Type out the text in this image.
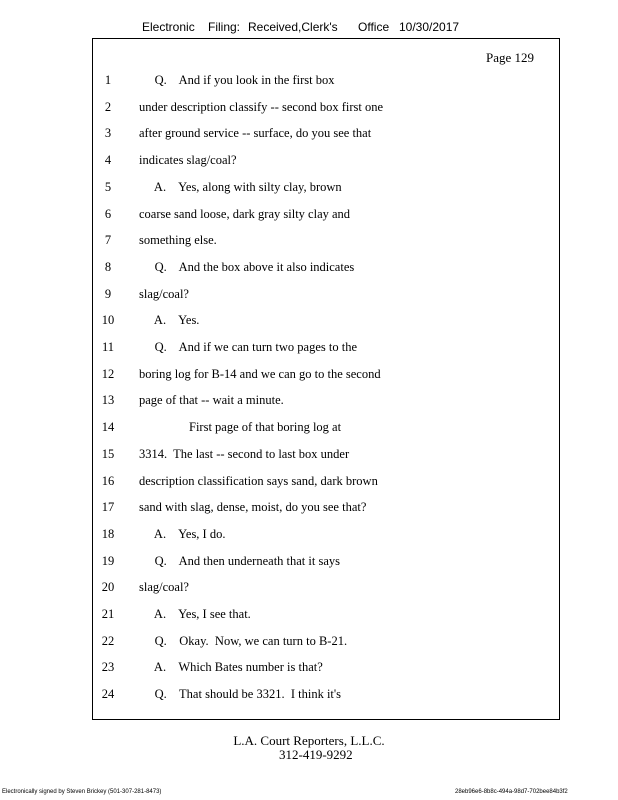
Electronic Filing: Received,Clerk's Office 10/30/2017
Page 129
1	Q.    And if you look in the first box
2	under description classify -- second box first one
3	after ground service -- surface, do you see that
4	indicates slag/coal?
5	A.    Yes, along with silty clay, brown
6	coarse sand loose, dark gray silty clay and
7	something else.
8	Q.    And the box above it also indicates
9	slag/coal?
10	A.    Yes.
11	Q.    And if we can turn two pages to the
12	boring log for B-14 and we can go to the second
13	page of that -- wait a minute.
14	First page of that boring log at
15	3314.  The last -- second to last box under
16	description classification says sand, dark brown
17	sand with slag, dense, moist, do you see that?
18	A.    Yes, I do.
19	Q.    And then underneath that it says
20	slag/coal?
21	A.    Yes, I see that.
22	Q.    Okay.  Now, we can turn to B-21.
23	A.    Which Bates number is that?
24	Q.    That should be 3321.  I think it's
L.A. Court Reporters, L.L.C.
312-419-9292
Electronically signed by Steven Brickey (501-307-281-8473)	28eb96e6-8b8c-494a-98d7-702bee84b3f2
